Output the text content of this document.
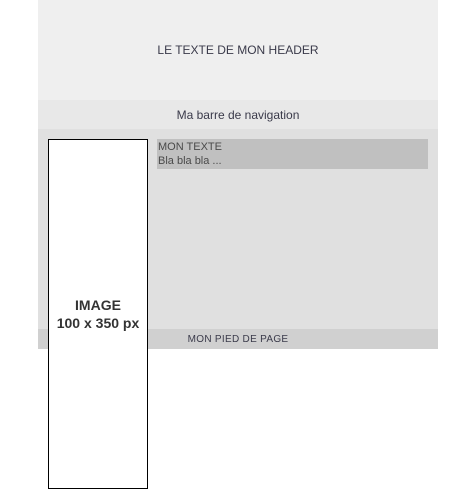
LE TEXTE DE MON HEADER
Ma barre de navigation
MON TEXTE
Bla bla bla ...
MON PIED DE PAGE
IMAGE
100 x 350 px
